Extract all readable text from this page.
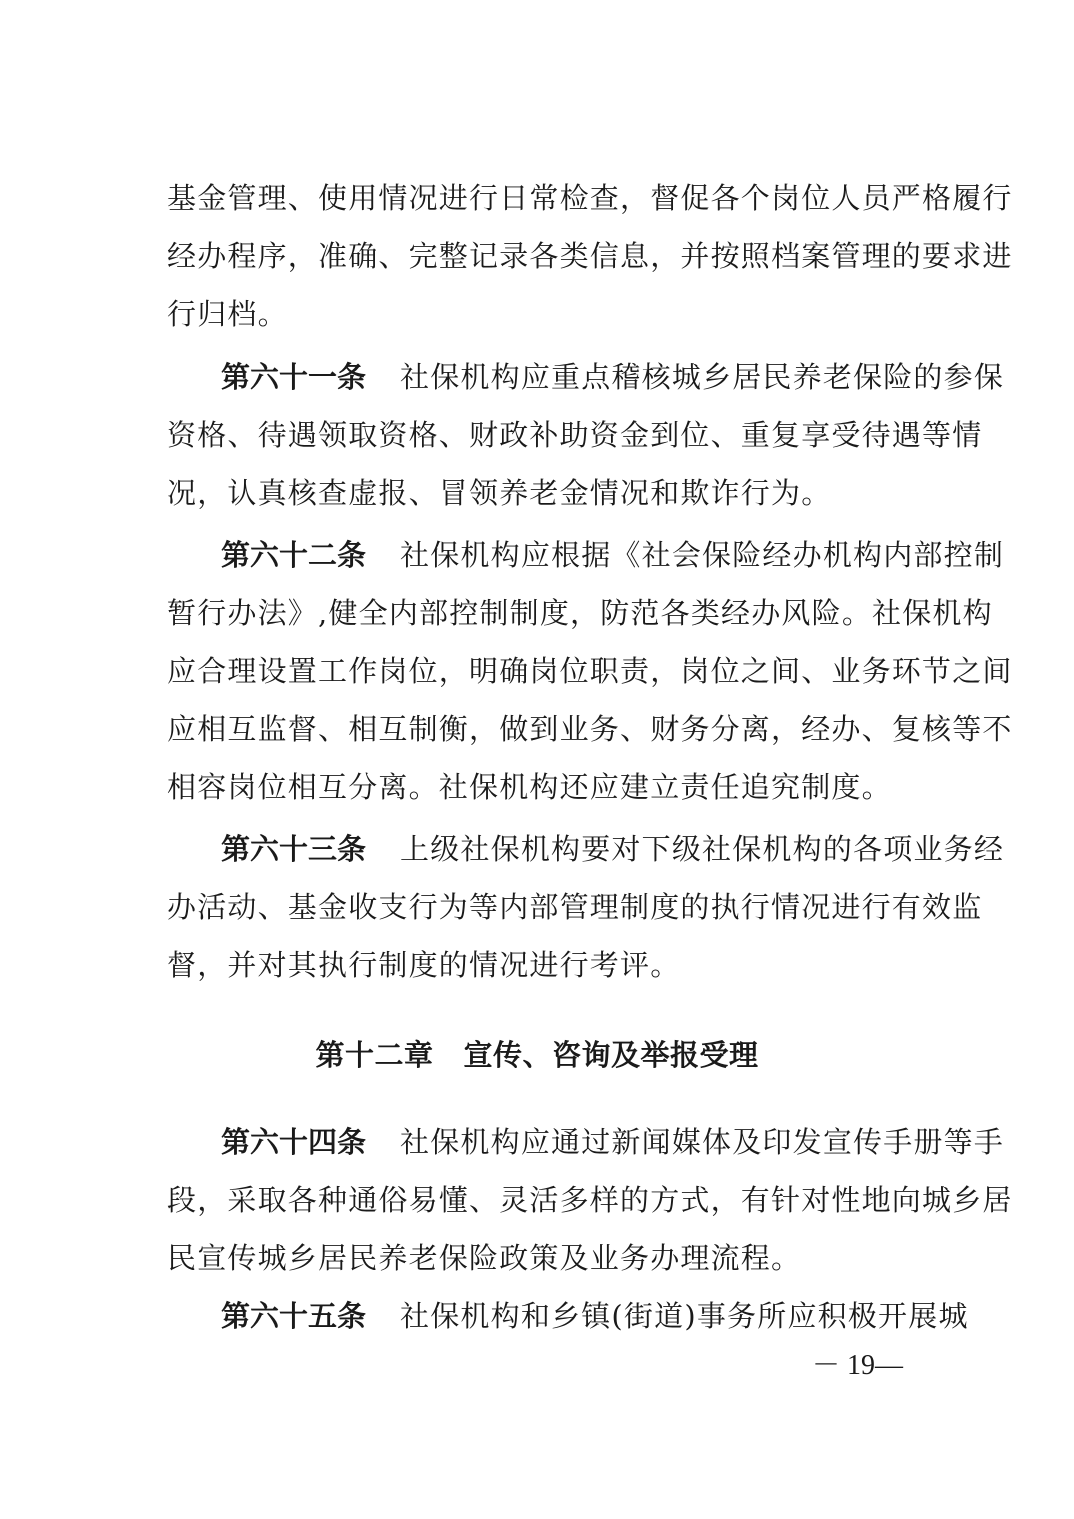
基金管理、使用情况进行日常检查，督促各个岗位人员严格履行
经办程序，准确、完整记录各类信息，并按照档案管理的要求进
行归档。
第六十一条 社保机构应重点稽核城乡居民养老保险的参保
资格、待遇领取资格、财政补助资金到位、重复享受待遇等情
况，认真核查虚报、冒领养老金情况和欺诈行为。
第六十二条 社保机构应根据《社会保险经办机构内部控制
暂行办法》,健全内部控制制度，防范各类经办风险。社保机构
应合理设置工作岗位，明确岗位职责，岗位之间、业务环节之间
应相互监督、相互制衡，做到业务、财务分离，经办、复核等不
相容岗位相互分离。社保机构还应建立责任追究制度。
第六十三条 上级社保机构要对下级社保机构的各项业务经
办活动、基金收支行为等内部管理制度的执行情况进行有效监
督，并对其执行制度的情况进行考评。
第十二章 宣传、咨询及举报受理
第六十四条 社保机构应通过新闻媒体及印发宣传手册等手
段，采取各种通俗易懂、灵活多样的方式，有针对性地向城乡居
民宣传城乡居民养老保险政策及业务办理流程。
第六十五条 社保机构和乡镇(街道)事务所应积极开展城
－ 19—
